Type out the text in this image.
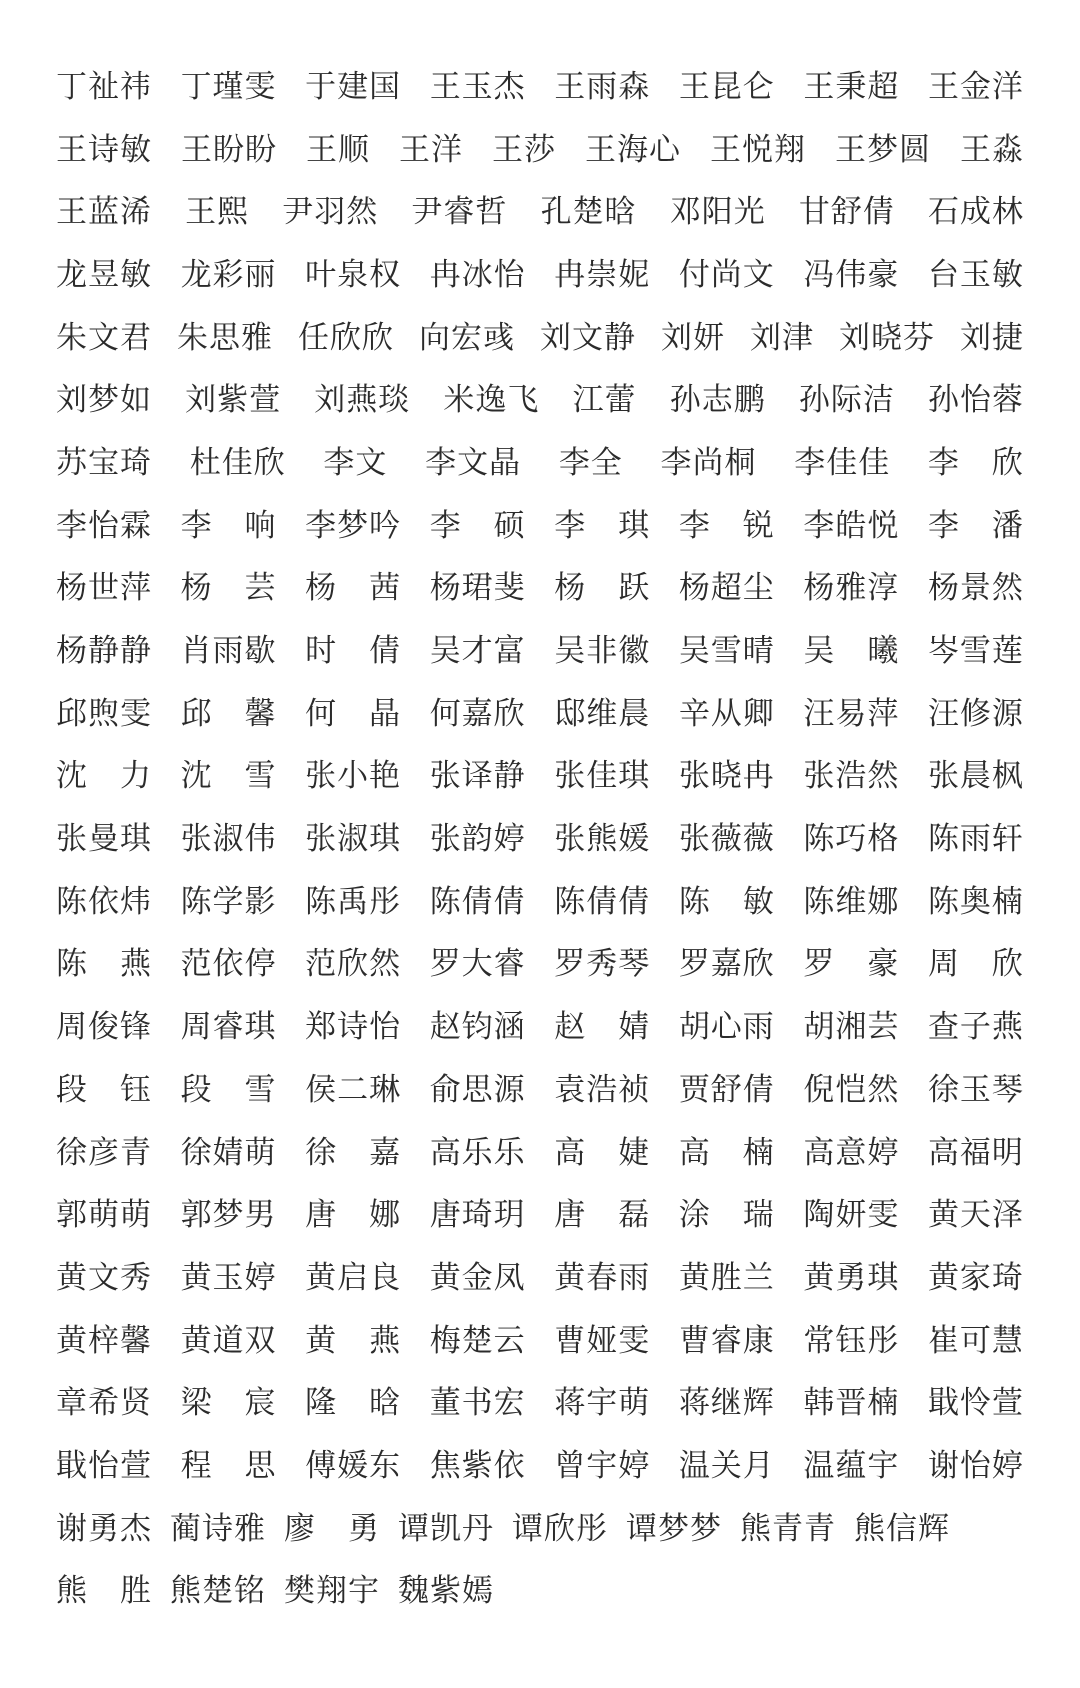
丁祉祎 丁瑾雯 于建国 王玉杰 王雨森 王昆仑 王秉超 王金洋
王诗敏 王盼盼 王顺 王洋 王莎 王海心 王悦翔 王梦圆 王淼
王蓝浠 王熙 尹羽然 尹睿哲 孔楚晗 邓阳光 甘舒倩 石成林
龙昱敏 龙彩丽 叶泉权 冉冰怡 冉崇妮 付尚文 冯伟豪 台玉敏
朱文君 朱思雅 任欣欣 向宏彧 刘文静 刘妍 刘津 刘晓芬 刘捷
刘梦如 刘紫萱 刘燕琰 米逸飞 江蕾 孙志鹏 孙际洁 孙怡蓉
苏宝琦 杜佳欣 李文 李文晶 李全 李尚桐 李佳佳 李　欣
李怡霖 李　响 李梦吟 李　硕 李　琪 李　锐 李皓悦 李　潘
杨世萍 杨　芸 杨　茜 杨珺斐 杨　跃 杨超尘 杨雅淳 杨景然
杨静静 肖雨歇 时　倩 吴才富 吴非徽 吴雪晴 吴　曦 岑雪莲
邱煦雯 邱　馨 何　晶 何嘉欣 邸维晨 辛从卿 汪易萍 汪修源
沈　力 沈　雪 张小艳 张译静 张佳琪 张晓冉 张浩然 张晨枫
张曼琪 张淑伟 张淑琪 张韵婷 张熊媛 张薇薇 陈巧格 陈雨轩
陈依炜 陈学影 陈禹彤 陈倩倩 陈倩倩 陈　敏 陈维娜 陈奥楠
陈　燕 范依停 范欣然 罗大睿 罗秀琴 罗嘉欣 罗　豪 周　欣
周俊锋 周睿琪 郑诗怡 赵钧涵 赵　婧 胡心雨 胡湘芸 查子燕
段　钰 段　雪 侯二琳 俞思源 袁浩祯 贾舒倩 倪恺然 徐玉琴
徐彦青 徐婧萌 徐　嘉 高乐乐 高　婕 高　楠 高意婷 高福明
郭萌萌 郭梦男 唐　娜 唐琦玥 唐　磊 涂　瑞 陶妍雯 黄天泽
黄文秀 黄玉婷 黄启良 黄金凤 黄春雨 黄胜兰 黄勇琪 黄家琦
黄梓馨 黄道双 黄　燕 梅楚云 曹娅雯 曹睿康 常钰彤 崔可慧
章希贤 梁　宸 隆　晗 董书宏 蒋宇萌 蒋继辉 韩晋楠 戢怜萱
戢怡萱 程　思 傅媛东 焦紫依 曾宇婷 温关月 温蕴宇 谢怡婷
谢勇杰 蔺诗雅 廖　勇 谭凯丹 谭欣彤 谭梦梦 熊青青 熊信辉
熊　胜 熊楚铭 樊翔宇 魏紫嫣
